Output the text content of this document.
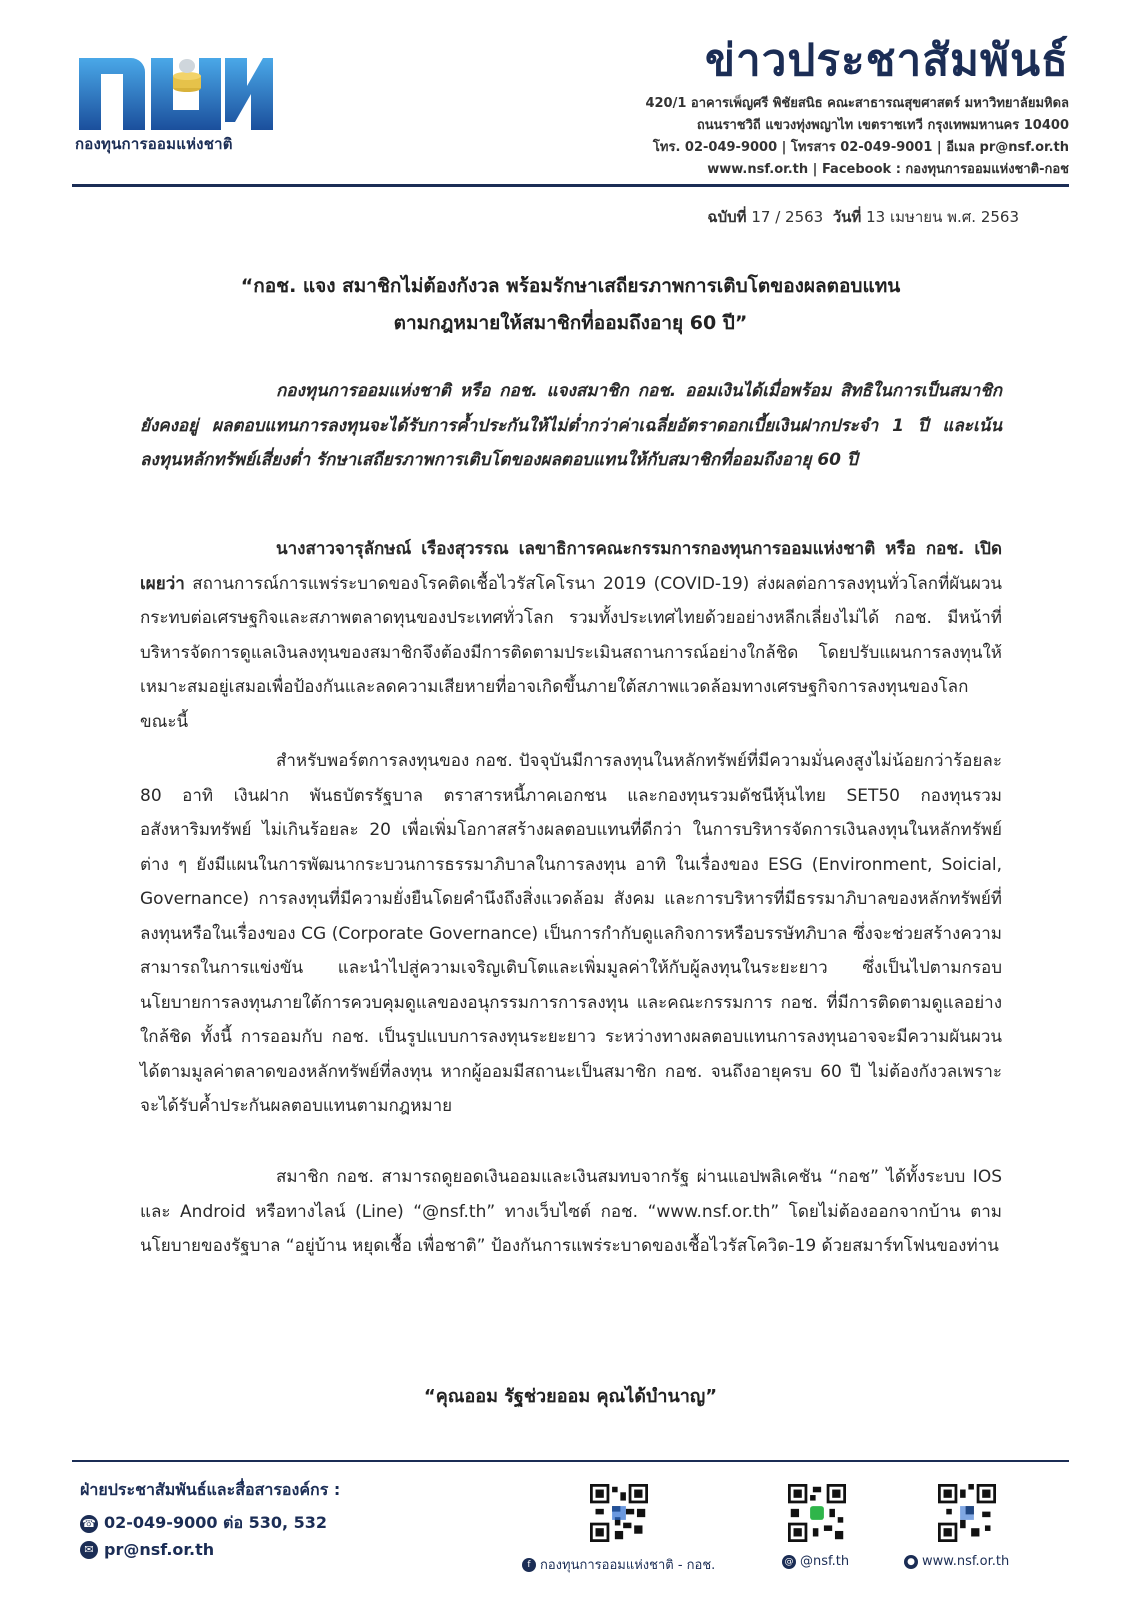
กองทุนการออมแห่งชาติ
ข่าวประชาสัมพันธ์
420/1 อาคารเพ็ญศรี พิชัยสนิธ คณะสาธารณสุขศาสตร์ มหาวิทยาลัยมหิดล
ถนนราชวิถี แขวงทุ่งพญาไท เขตราชเทวี กรุงเทพมหานคร 10400
โทร. 02-049-9000 | โทรสาร 02-049-9001 | อีเมล pr@nsf.or.th
www.nsf.or.th | Facebook : กองทุนการออมแห่งชาติ-กอช
ฉบับที่ 17 / 2563 วันที่ 13 เมษายน พ.ศ. 2563
“กอช. แจง สมาชิกไม่ต้องกังวล พร้อมรักษาเสถียรภาพการเติบโตของผลตอบแทน
ตามกฎหมายให้สมาชิกที่ออมถึงอายุ 60 ปี”
กองทุนการออมแห่งชาติ หรือ กอช. แจงสมาชิก กอช. ออมเงินได้เมื่อพร้อม สิทธิในการเป็นสมาชิกยังคงอยู่ ผลตอบแทนการลงทุนจะได้รับการค้ำประกันให้ไม่ต่ำกว่าค่าเฉลี่ยอัตราดอกเบี้ยเงินฝากประจำ 1 ปี และเน้นลงทุนหลักทรัพย์เสี่ยงต่ำ รักษาเสถียรภาพการเติบโตของผลตอบแทนให้กับสมาชิกที่ออมถึงอายุ 60 ปี
นางสาวจารุลักษณ์ เรืองสุวรรณ เลขาธิการคณะกรรมการกองทุนการออมแห่งชาติ หรือ กอช. เปิดเผยว่า สถานการณ์การแพร่ระบาดของโรคติดเชื้อไวรัสโคโรนา 2019 (COVID-19) ส่งผลต่อการลงทุนทั่วโลกที่ผันผวนกระทบต่อเศรษฐกิจและสภาพตลาดทุนของประเทศทั่วโลก รวมทั้งประเทศไทยด้วยอย่างหลีกเลี่ยงไม่ได้ กอช. มีหน้าที่บริหารจัดการดูแลเงินลงทุนของสมาชิกจึงต้องมีการติดตามประเมินสถานการณ์อย่างใกล้ชิด โดยปรับแผนการลงทุนให้เหมาะสมอยู่เสมอเพื่อป้องกันและลดความเสียหายที่อาจเกิดขึ้นภายใต้สภาพแวดล้อมทางเศรษฐกิจการลงทุนของโลกขณะนี้
สำหรับพอร์ตการลงทุนของ กอช. ปัจจุบันมีการลงทุนในหลักทรัพย์ที่มีความมั่นคงสูงไม่น้อยกว่าร้อยละ 80 อาทิ เงินฝาก พันธบัตรรัฐบาล ตราสารหนี้ภาคเอกชน และกองทุนรวมดัชนีหุ้นไทย SET50 กองทุนรวมอสังหาริมทรัพย์ ไม่เกินร้อยละ 20 เพื่อเพิ่มโอกาสสร้างผลตอบแทนที่ดีกว่า ในการบริหารจัดการเงินลงทุนในหลักทรัพย์ต่าง ๆ ยังมีแผนในการพัฒนากระบวนการธรรมาภิบาลในการลงทุน อาทิ ในเรื่องของ ESG (Environment, Soicial, Governance) การลงทุนที่มีความยั่งยืนโดยคำนึงถึงสิ่งแวดล้อม สังคม และการบริหารที่มีธรรมาภิบาลของหลักทรัพย์ที่ลงทุนหรือในเรื่องของ CG (Corporate Governance) เป็นการกำกับดูแลกิจการหรือบรรษัทภิบาล ซึ่งจะช่วยสร้างความสามารถในการแข่งขัน และนำไปสู่ความเจริญเติบโตและเพิ่มมูลค่าให้กับผู้ลงทุนในระยะยาว ซึ่งเป็นไปตามกรอบนโยบายการลงทุนภายใต้การควบคุมดูแลของอนุกรรมการการลงทุน และคณะกรรมการ กอช. ที่มีการติดตามดูแลอย่างใกล้ชิด ทั้งนี้ การออมกับ กอช. เป็นรูปแบบการลงทุนระยะยาว ระหว่างทางผลตอบแทนการลงทุนอาจจะมีความผันผวนได้ตามมูลค่าตลาดของหลักทรัพย์ที่ลงทุน หากผู้ออมมีสถานะเป็นสมาชิก กอช. จนถึงอายุครบ 60 ปี ไม่ต้องกังวลเพราะจะได้รับค้ำประกันผลตอบแทนตามกฎหมาย
สมาชิก กอช. สามารถดูยอดเงินออมและเงินสมทบจากรัฐ ผ่านแอปพลิเคชัน “กอช” ได้ทั้งระบบ IOS และ Android หรือทางไลน์ (Line) “@nsf.th” ทางเว็บไซต์ กอช. “www.nsf.or.th” โดยไม่ต้องออกจากบ้าน ตามนโยบายของรัฐบาล “อยู่บ้าน หยุดเชื้อ เพื่อชาติ” ป้องกันการแพร่ระบาดของเชื้อไวรัสโควิด-19 ด้วยสมาร์ทโฟนของท่าน
“คุณออม รัฐช่วยออม คุณได้บำนาญ”
ฝ่ายประชาสัมพันธ์และสื่อสารองค์กร :
☎ 02-049-9000 ต่อ 530, 532
✉ pr@nsf.or.th
f กองทุนการออมแห่งชาติ - กอช.	@ @nsf.th	● www.nsf.or.th
